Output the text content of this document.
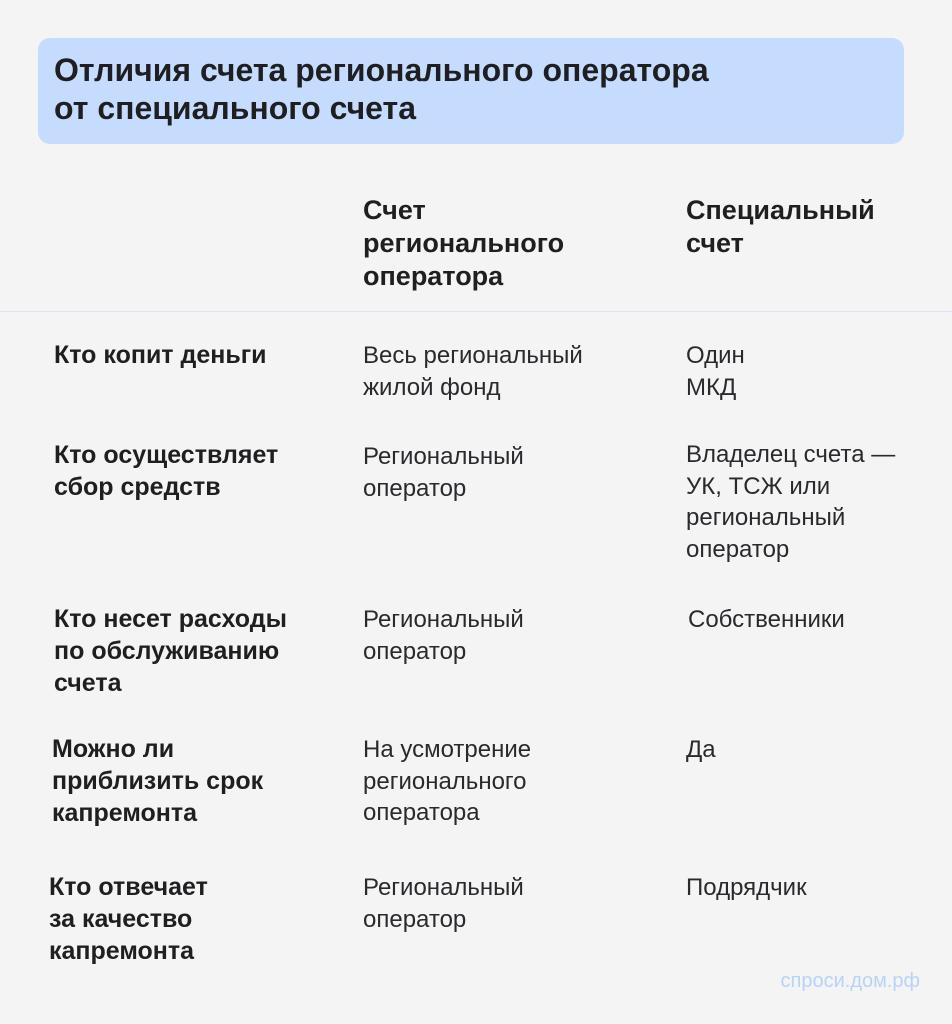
Отличия счета регионального оператора
от специального счета
Счет
регионального
оператора
Специальный
счет
Кто копит деньги	Весь региональный
жилой фонд
Один
МКД
Кто осуществляет
сбор средств
Региональный
оператор
Владелец счета —
УК, ТСЖ или
региональный
оператор
Кто несет расходы
по обслуживанию
счета
Региональный
оператор
Собственники
Можно ли
приблизить срок
капремонта
На усмотрение
регионального
оператора
Да
Кто отвечает
за качество
капремонта
Региональный
оператор
Подрядчик
спроси.дом.рф
